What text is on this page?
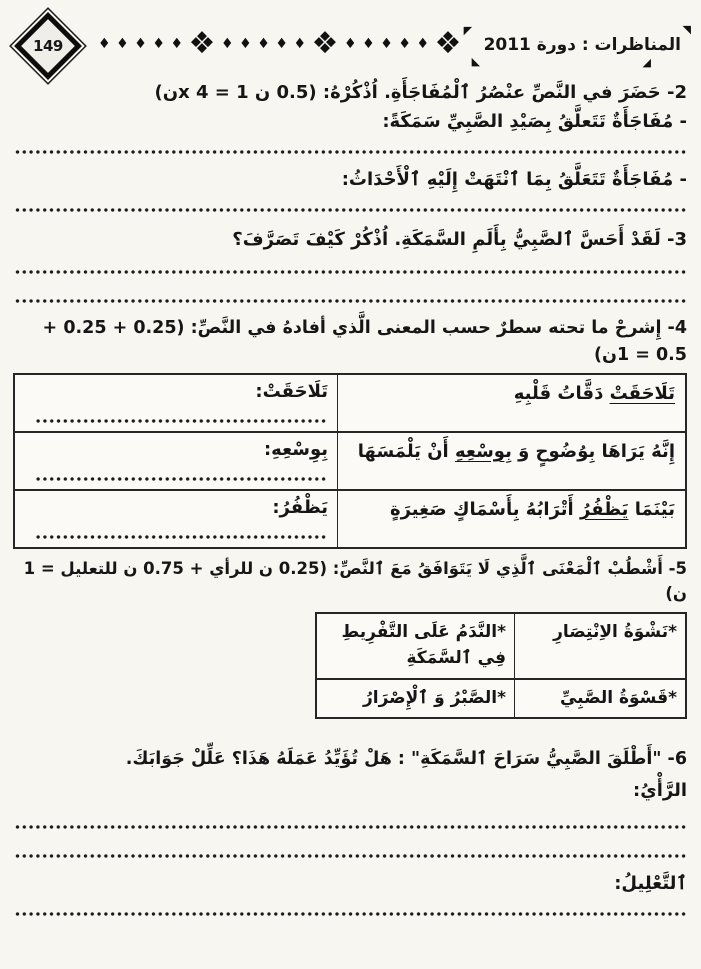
149	♦ ♦ ♦ ♦ ♦ ❖ ♦ ♦ ♦ ♦ ♦ ❖ ♦ ♦ ♦ ♦ ♦ ❖ ◤
◣
◥
◢
المناظرات : دورة 2011

2- حَضَرَ في النَّصِّ عنْصُرُ ٱلْمُفَاجَأَةِ. اُذْكُرْهُ: (0.5 ن x 4 = 1ن)

- مُفَاجَأَةٌ تَتَعلَّقُ بِصَيْدِ الصَّبِيِّ سَمَكَةً:

- مُفَاجَأَةٌ تَتَعَلَّقُ بِمَا ٱنْتَهَتْ إِلَيْهِ ٱلْأَحْدَاثُ:

3- لَقَدْ أَحَسَّ ٱلصَّبِيُّ بِأَلَمِ السَّمَكَةِ. اُذْكُرْ كَيْفَ تَصَرَّفَ؟

4- إِشرحْ ما تحته سطرٌ حسب المعنى الَّذي أفادهُ في النَّصِّ: (0.25 + 0.25 + 0.5 = 1ن)

تَلَاحَقَتْ دَقَّاتُ قَلْبِهِ
تَلَاحَقَتْ:
إِنَّهُ يَرَاهَا بِوُضُوحٍ وَ بِوسْعِهِ أَنْ يَلْمَسَهَا
بِوِسْعِهِ:
بَيْنَمَا يَظْفُرُ أَتْرَابُهُ بِأَسْمَاكٍ صَغِيرَةٍ
يَظْفُرُ:

5- أَشْطُبْ ٱلْمَعْنَى ٱلَّذِي لَا يَتَوَافَقُ مَعَ ٱلنَّصِّ: (0.25 ن للرأي + 0.75 ن للتعليل = 1 ن)

*نَشْوَةُ الاِنْتِصَارِ
*النَّدَمُ عَلَى التَّفْرِيطِ فِي ٱلسَّمَكَةِ
*قَسْوَةُ الصَّبِيِّ
*الصَّبْرُ وَ ٱلْإِصْرَارُ

6- "أَطْلَقَ الصَّبِيُّ سَرَاحَ ٱلسَّمَكَةِ" : هَلْ تُؤَيِّدُ عَمَلَهُ هَذَا؟ عَلِّلْ جَوَابَكَ.

الرَّأْيُ:

ٱلتَّعْلِيلُ:
